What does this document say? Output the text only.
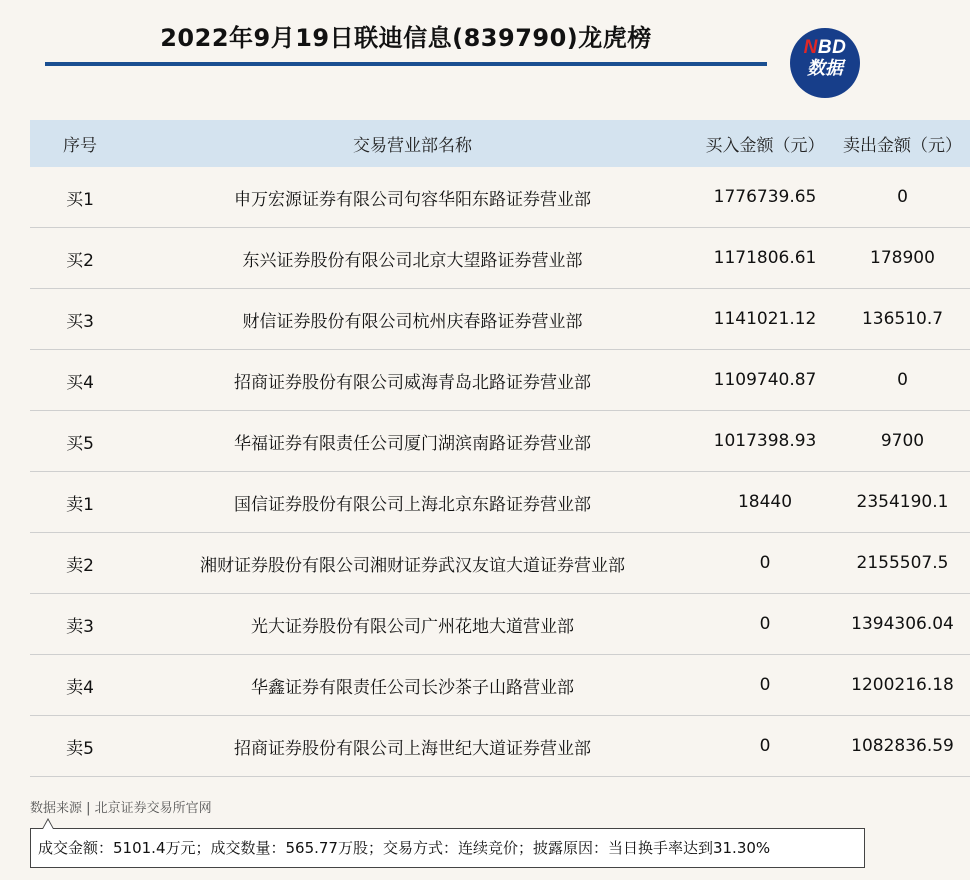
2022年9月19日联迪信息(839790)龙虎榜	NBD
数据
序号	交易营业部名称	买入金额（元）	卖出金额（元）
买1	申万宏源证券有限公司句容华阳东路证券营业部	1776739.65	0
买2	东兴证券股份有限公司北京大望路证券营业部	1171806.61	178900
买3	财信证券股份有限公司杭州庆春路证券营业部	1141021.12	136510.7
买4	招商证券股份有限公司威海青岛北路证券营业部	1109740.87	0
买5	华福证券有限责任公司厦门湖滨南路证券营业部	1017398.93	9700
卖1	国信证券股份有限公司上海北京东路证券营业部	18440	2354190.1
卖2	湘财证券股份有限公司湘财证券武汉友谊大道证券营业部	0	2155507.5
卖3	光大证券股份有限公司广州花地大道营业部	0	1394306.04
卖4	华鑫证券有限责任公司长沙茶子山路营业部	0	1200216.18
卖5	招商证券股份有限公司上海世纪大道证券营业部	0	1082836.59
数据来源 | 北京证券交易所官网
成交金额：5101.4万元；成交数量：565.77万股；交易方式：连续竞价；披露原因：当日换手率达到31.30%
